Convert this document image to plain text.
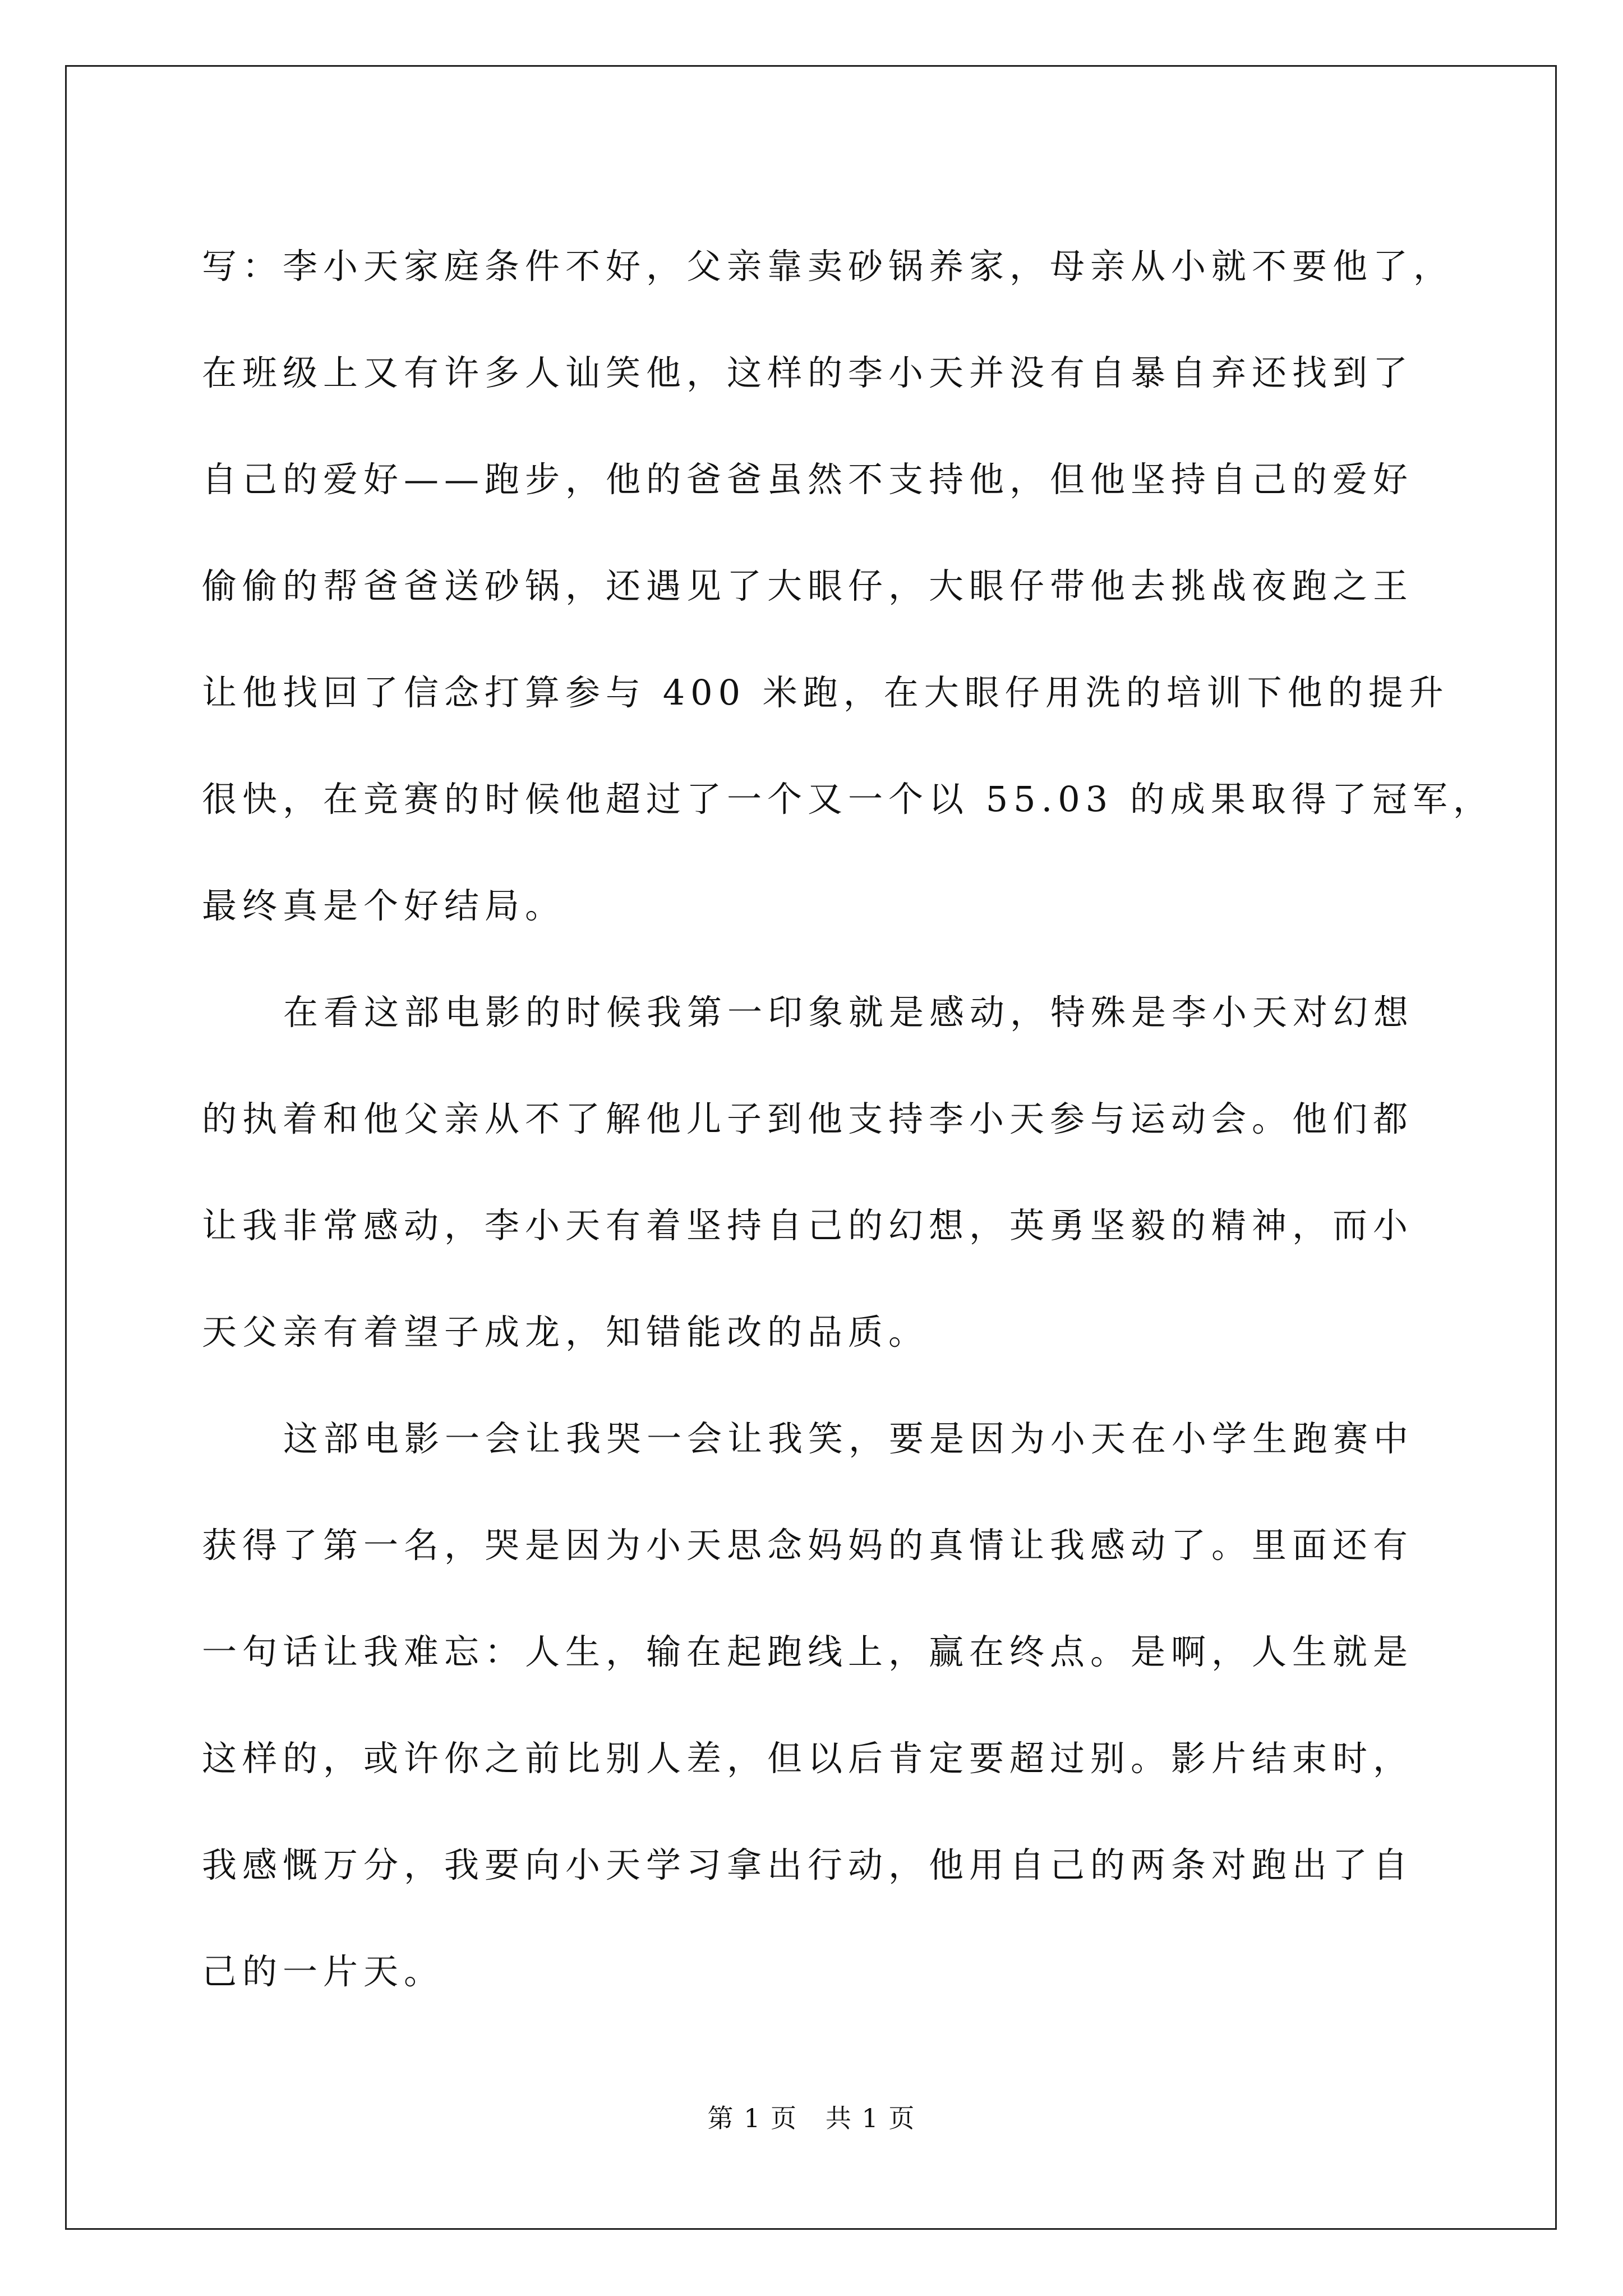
写：李小天家庭条件不好，父亲靠卖砂锅养家，母亲从小就不要他了，
在班级上又有许多人讪笑他，这样的李小天并没有自暴自弃还找到了
自己的爱好——跑步，他的爸爸虽然不支持他，但他坚持自己的爱好
偷偷的帮爸爸送砂锅，还遇见了大眼仔，大眼仔带他去挑战夜跑之王
让他找回了信念打算参与 400 米跑，在大眼仔用洗的培训下他的提升
很快，在竞赛的时候他超过了一个又一个以 55.03 的成果取得了冠军，
最终真是个好结局。
在看这部电影的时候我第一印象就是感动，特殊是李小天对幻想
的执着和他父亲从不了解他儿子到他支持李小天参与运动会。他们都
让我非常感动，李小天有着坚持自己的幻想，英勇坚毅的精神，而小
天父亲有着望子成龙，知错能改的品质。
这部电影一会让我哭一会让我笑，要是因为小天在小学生跑赛中
获得了第一名，哭是因为小天思念妈妈的真情让我感动了。里面还有
一句话让我难忘：人生，输在起跑线上，赢在终点。是啊，人生就是
这样的，或许你之前比别人差，但以后肯定要超过别。影片结束时，
我感慨万分，我要向小天学习拿出行动，他用自己的两条对跑出了自
己的一片天。
第 1 页   共 1 页
